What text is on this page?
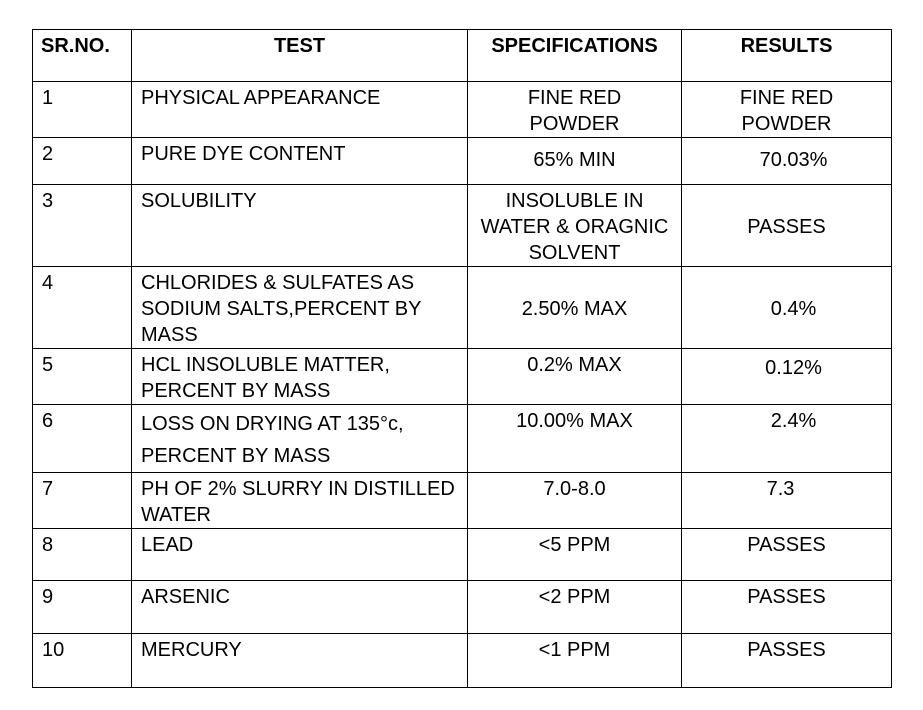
SR.NO.	TEST	SPECIFICATIONS	RESULTS
1	PHYSICAL APPEARANCE	FINE RED POWDER	FINE RED POWDER
2	PURE DYE CONTENT	65% MIN	70.03%
3	SOLUBILITY	INSOLUBLE IN WATER & ORAGNIC SOLVENT	PASSES
4	CHLORIDES & SULFATES AS SODIUM SALTS,PERCENT BY MASS	2.50% MAX	0.4%
5	HCL INSOLUBLE MATTER, PERCENT BY MASS	0.2% MAX	0.12%
6	LOSS ON DRYING AT 135°c, PERCENT BY MASS	10.00% MAX	2.4%
7	PH OF 2% SLURRY IN DISTILLED WATER	7.0-8.0	7.3
8	LEAD	<5 PPM	PASSES
9	ARSENIC	<2 PPM	PASSES
10	MERCURY	<1 PPM	PASSES
